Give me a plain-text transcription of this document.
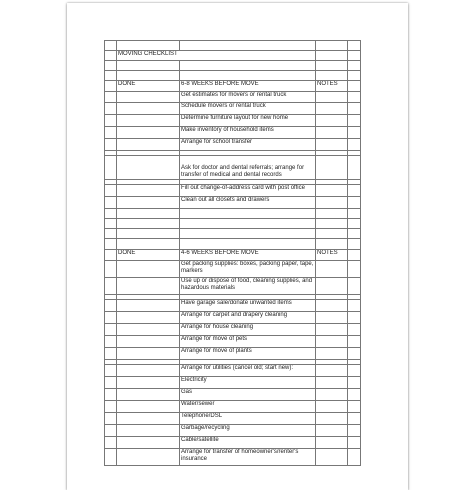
	MOVING CHECKLIST			

	DONE	6-8 WEEKS BEFORE MOVE	NOTES	
		Get estimates for movers or rental truck		
		Schedule movers or rental truck		
		Determine furniture layout for new home		
		Make inventory of household items		
		Arrange for school transfer		

		Ask for doctor and dental referrals; arrange for transfer of medical and dental records		

		Fill out change-of-address card with post office		
		Clean out all closets and drawers		

	DONE	4-6 WEEKS BEFORE MOVE	NOTES	
		Get packing supplies: boxes, packing paper, tape, markers		
		Use up or dispose of food, cleaning supplies, and hazardous materials		

		Have garage sale/donate unwanted items		
		Arrange for carpet and drapery cleaning		
		Arrange for house cleaning		
		Arrange for move of pets		
		Arrange for move of plants		

		Arrange for utilities (cancel old; start new):		
		Electricity		
		Gas		
		Water/sewer		
		Telephone/DSL		
		Garbage/recycling		
		Cable/satellite		
		Arrange for transfer of homeowner's/renter's insurance		
